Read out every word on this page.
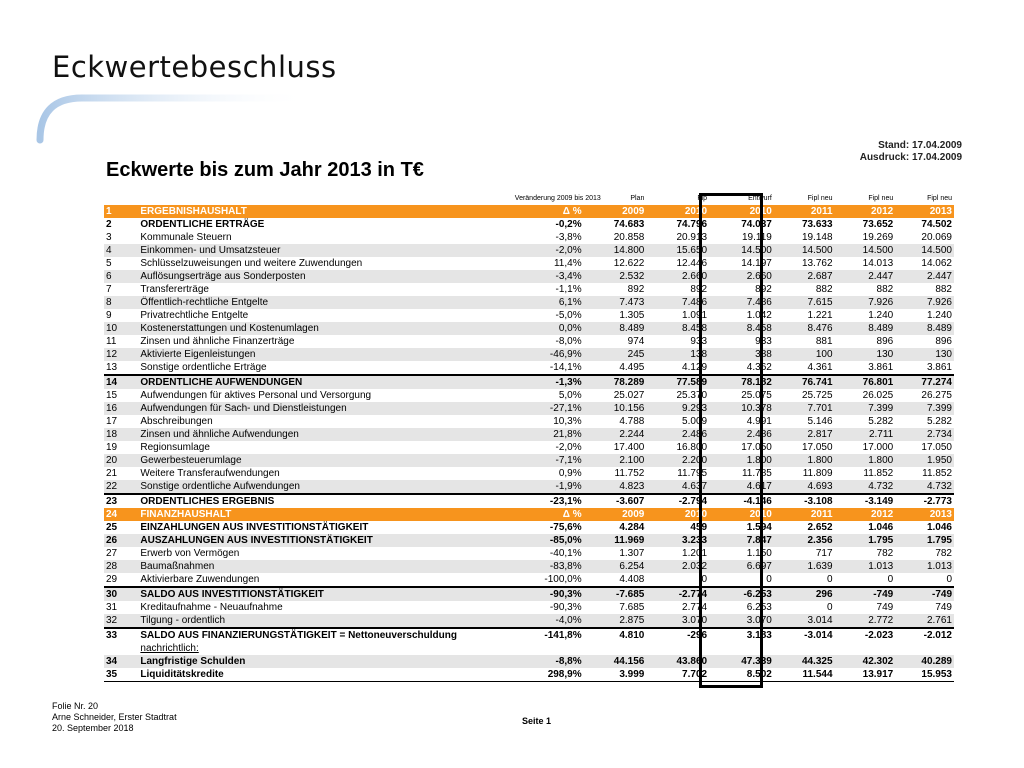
Eckwertebeschluss
Stand: 17.04.2009
Ausdruck: 17.04.2009
Eckwerte bis zum Jahr 2013 in T€
		Veränderung 2009 bis 2013	Plan	Fip	Entwurf	Fipl neu	Fipl neu	Fipl neu
1	ERGEBNISHAUSHALT	Δ %	2009	2010	2010	2011	2012	2013
2	ORDENTLICHE ERTRÄGE	-0,2%	74.683	74.796	74.037	73.633	73.652	74.502
3	Kommunale Steuern	-3,8%	20.858	20.913	19.119	19.148	19.269	20.069
4	Einkommen- und Umsatzsteuer	-2,0%	14.800	15.650	14.500	14.500	14.500	14.500
5	Schlüsselzuweisungen und weitere Zuwendungen	11,4%	12.622	12.446	14.197	13.762	14.013	14.062
6	Auflösungserträge aus Sonderposten	-3,4%	2.532	2.660	2.660	2.687	2.447	2.447
7	Transfererträge	-1,1%	892	892	892	882	882	882
8	Öffentlich-rechtliche Entgelte	6,1%	7.473	7.486	7.486	7.615	7.926	7.926
9	Privatrechtliche Entgelte	-5,0%	1.305	1.091	1.042	1.221	1.240	1.240
10	Kostenerstattungen und Kostenumlagen	0,0%	8.489	8.458	8.458	8.476	8.489	8.489
11	Zinsen und ähnliche Finanzerträge	-8,0%	974	933	933	881	896	896
12	Aktivierte Eigenleistungen	-46,9%	245	138	388	100	130	130
13	Sonstige ordentliche Erträge	-14,1%	4.495	4.129	4.362	4.361	3.861	3.861
14	ORDENTLICHE AUFWENDUNGEN	-1,3%	78.289	77.589	78.182	76.741	76.801	77.274
15	Aufwendungen für aktives Personal und Versorgung	5,0%	25.027	25.370	25.075	25.725	26.025	26.275
16	Aufwendungen für Sach- und Dienstleistungen	-27,1%	10.156	9.293	10.378	7.701	7.399	7.399
17	Abschreibungen	10,3%	4.788	5.009	4.991	5.146	5.282	5.282
18	Zinsen und ähnliche Aufwendungen	21,8%	2.244	2.486	2.486	2.817	2.711	2.734
19	Regionsumlage	-2,0%	17.400	16.800	17.050	17.050	17.000	17.050
20	Gewerbesteuerumlage	-7,1%	2.100	2.200	1.800	1.800	1.800	1.950
21	Weitere Transferaufwendungen	0,9%	11.752	11.795	11.785	11.809	11.852	11.852
22	Sonstige ordentliche Aufwendungen	-1,9%	4.823	4.637	4.617	4.693	4.732	4.732
23	ORDENTLICHES ERGEBNIS	-23,1%	-3.607	-2.794	-4.146	-3.108	-3.149	-2.773
24	FINANZHAUSHALT	Δ %	2009	2010	2010	2011	2012	2013
25	EINZAHLUNGEN AUS INVESTITIONSTÄTIGKEIT	-75,6%	4.284	459	1.594	2.652	1.046	1.046
26	AUSZAHLUNGEN AUS INVESTITIONSTÄTIGKEIT	-85,0%	11.969	3.233	7.847	2.356	1.795	1.795
27	Erwerb von Vermögen	-40,1%	1.307	1.201	1.150	717	782	782
28	Baumaßnahmen	-83,8%	6.254	2.032	6.697	1.639	1.013	1.013
29	Aktivierbare Zuwendungen	-100,0%	4.408	0	0	0	0	0
30	SALDO AUS INVESTITIONSTÄTIGKEIT	-90,3%	-7.685	-2.774	-6.253	296	-749	-749
31	Kreditaufnahme - Neuaufnahme	-90,3%	7.685	2.774	6.253	0	749	749
32	Tilgung - ordentlich	-4,0%	2.875	3.070	3.070	3.014	2.772	2.761
33	SALDO AUS FINANZIERUNGSTÄTIGKEIT = Nettoneuverschuldung	-141,8%	4.810	-296	3.183	-3.014	-2.023	-2.012
	nachrichtlich:							
34	Langfristige Schulden	-8,8%	44.156	43.860	47.339	44.325	42.302	40.289
35	Liquiditätskredite	298,9%	3.999	7.702	8.502	11.544	13.917	15.953
Folie Nr. 20
Arne Schneider, Erster Stadtrat
20. September 2018
Seite 1
